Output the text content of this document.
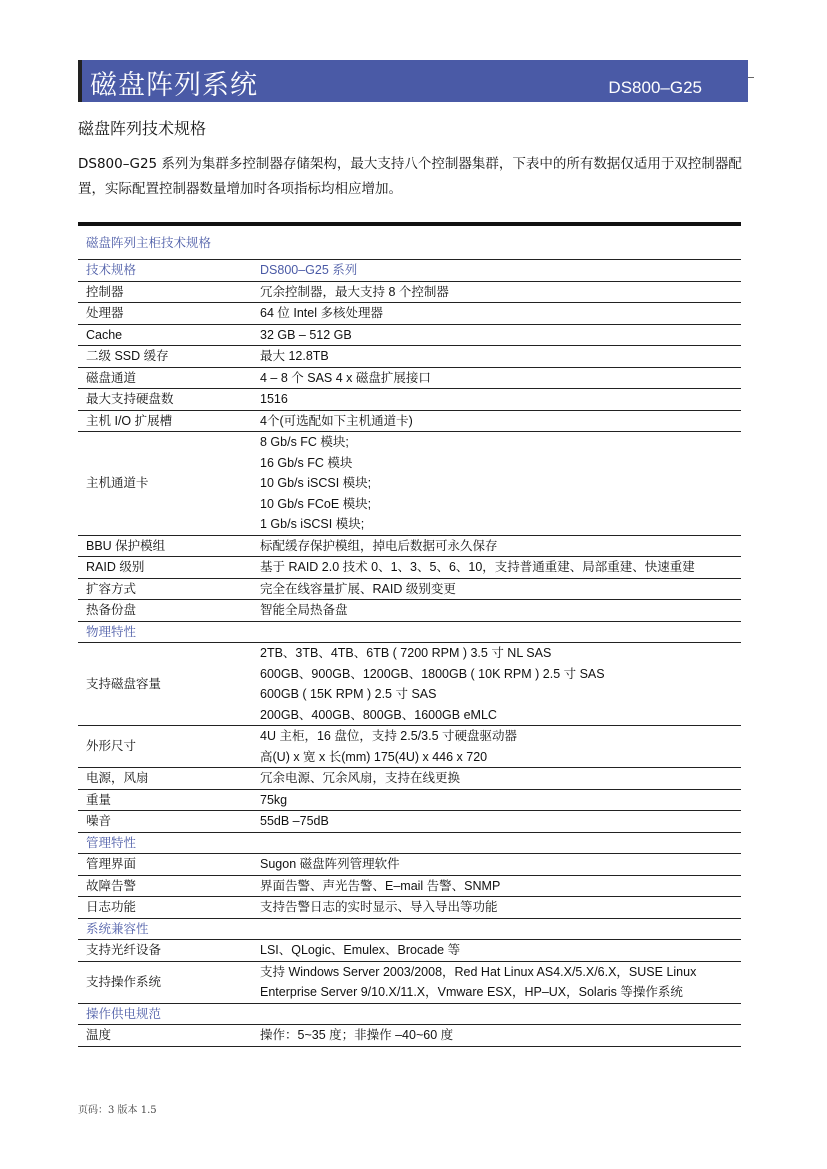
磁盘阵列系统	DS800–G25
磁盘阵列技术规格
DS800–G25 系列为集群多控制器存储架构，最大支持八个控制器集群，下表中的所有数据仅适用于双控制器配置，实际配置控制器数量增加时各项指标均相应增加。
磁盘阵列主柜技术规格	
技术规格	DS800–G25 系列
控制器	冗余控制器，最大支持 8 个控制器

处理器	64 位 Intel 多核处理器

Cache	32 GB – 512 GB

二级 SSD 缓存	最大 12.8TB

磁盘通道	4 – 8 个 SAS 4 x 磁盘扩展接口

最大支持硬盘数	1516

主机 I/O 扩展槽	4个(可选配如下主机通道卡)

主机通道卡	8 Gb/s FC 模块;
16 Gb/s FC 模块
10 Gb/s iSCSI 模块;
10 Gb/s FCoE 模块;
1 Gb/s iSCSI 模块;

BBU 保护模组	标配缓存保护模组，掉电后数据可永久保存

RAID 级别	基于 RAID 2.0 技术 0、1、3、5、6、10，支持普通重建、局部重建、快速重建

扩容方式	完全在线容量扩展、RAID 级别变更

热备份盘	智能全局热备盘

物理特性	
支持磁盘容量	2TB、3TB、4TB、6TB ( 7200 RPM ) 3.5 寸 NL SAS
600GB、900GB、1200GB、1800GB ( 10K RPM ) 2.5 寸 SAS
600GB ( 15K RPM ) 2.5 寸 SAS
200GB、400GB、800GB、1600GB eMLC

外形尺寸	4U 主柜，16 盘位，支持 2.5/3.5 寸硬盘驱动器
高(U) x 宽 x 长(mm) 175(4U) x 446 x 720

电源，风扇	冗余电源、冗余风扇，支持在线更换

重量	75kg

噪音	55dB –75dB

管理特性	
管理界面	Sugon 磁盘阵列管理软件

故障告警	界面告警、声光告警、E–mail 告警、SNMP

日志功能	支持告警日志的实时显示、导入导出等功能

系统兼容性	
支持光纤设备	LSI、QLogic、Emulex、Brocade 等

支持操作系统	支持 Windows Server 2003/2008，Red Hat Linux AS4.X/5.X/6.X，SUSE Linux
Enterprise Server 9/10.X/11.X，Vmware ESX，HP–UX，Solaris 等操作系统

操作供电规范	
温度	操作：5~35 度；非操作 –40~60 度
页码：3 版本 1.5
